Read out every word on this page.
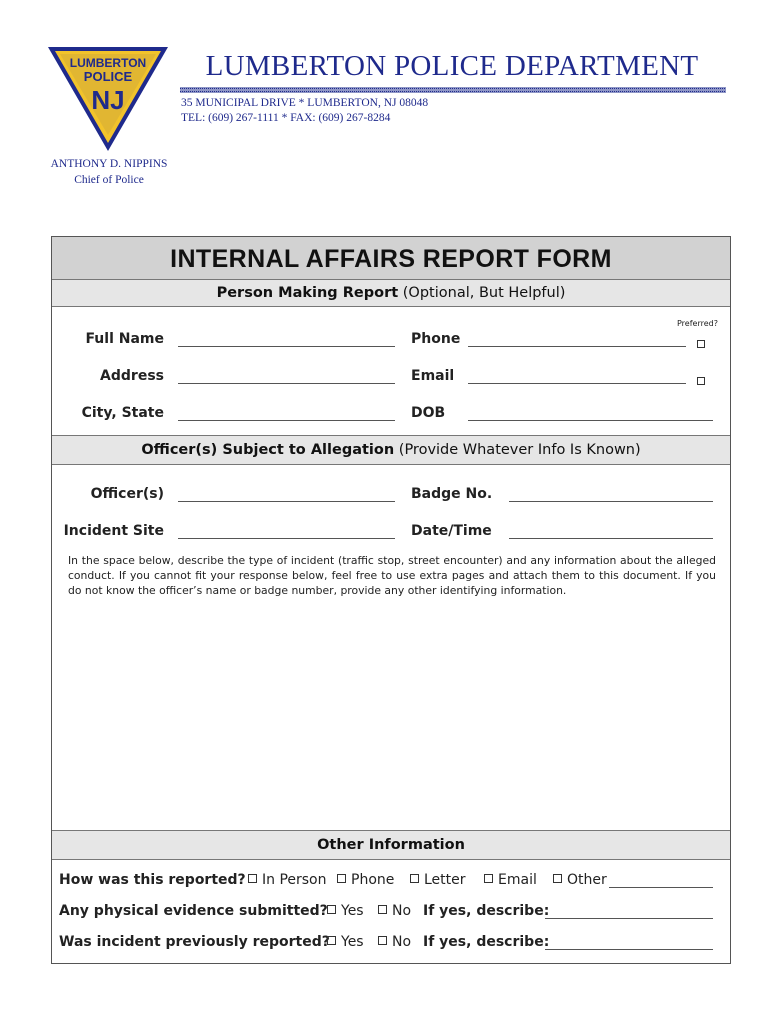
LUMBERTON
POLICE
NJ
LUMBERTON POLICE DEPARTMENT
35 MUNICIPAL DRIVE * LUMBERTON, NJ 08048
TEL: (609) 267-1111 * FAX: (609) 267-8284
ANTHONY D. NIPPINS
Chief of Police
INTERNAL AFFAIRS REPORT FORM
Person Making Report (Optional, But Helpful)
Preferred?
Full Name	Phone
Address	Email
City, State	DOB
Officer(s) Subject to Allegation (Provide Whatever Info Is Known)
Officer(s)	Badge No.
Incident Site	Date/Time
In the space below, describe the type of incident (traffic stop, street encounter) and any information about the alleged conduct. If you cannot fit your response below, feel free to use extra pages and attach them to this document. If you do not know the officer’s name or badge number, provide any other identifying information.
Other Information
How was this reported?	In Person	Phone	Letter	Email	Other
Any physical evidence submitted? Yes	No If yes, describe:
Was incident previously reported? Yes	No If yes, describe:
